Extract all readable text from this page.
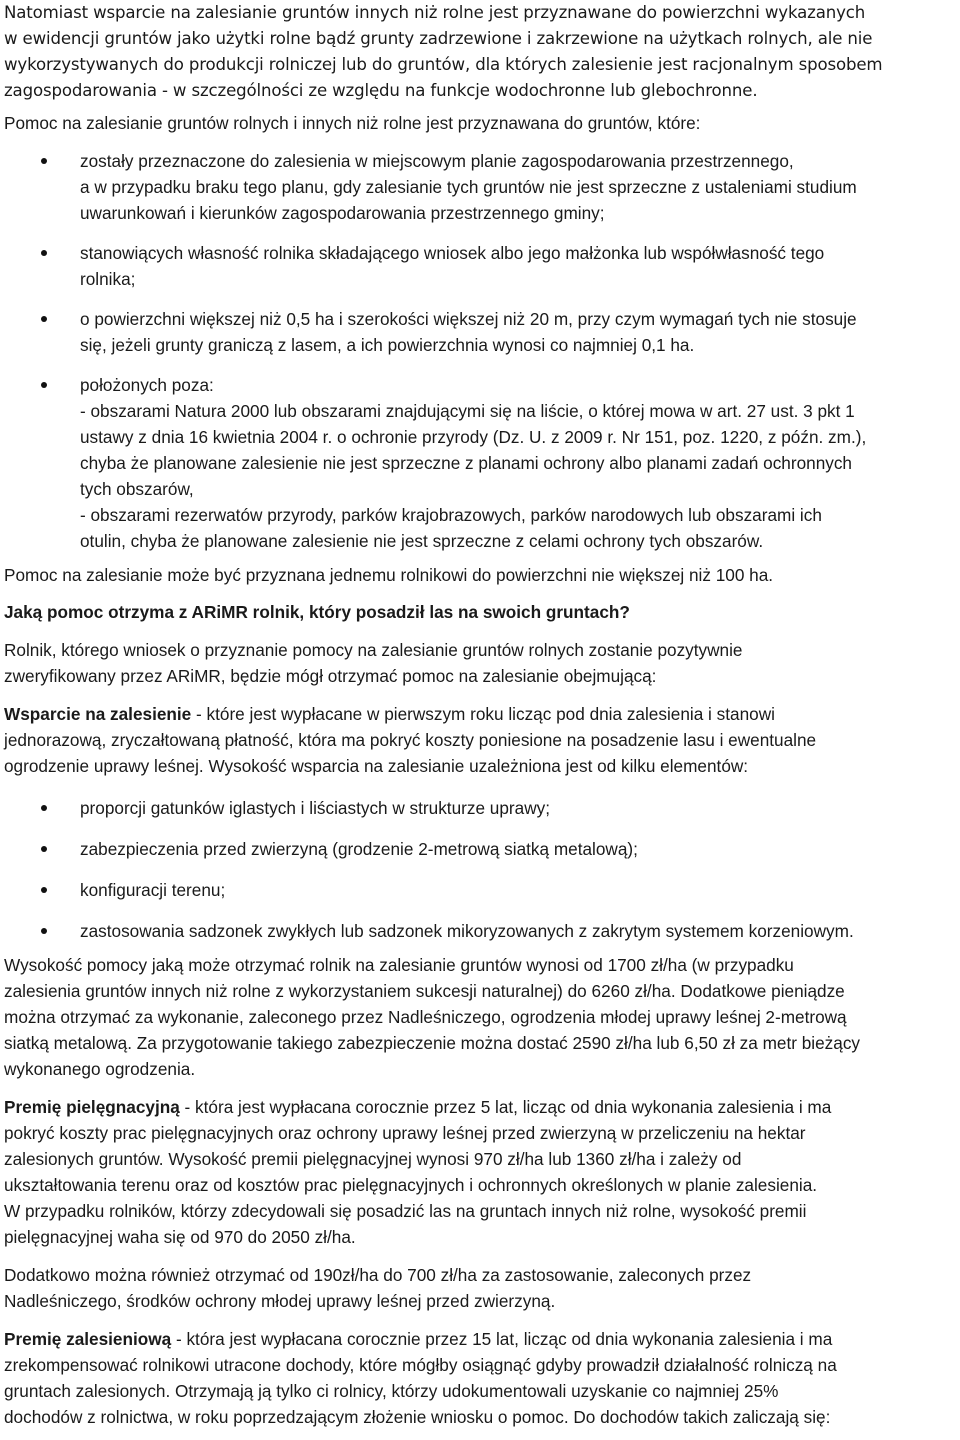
Natomiast wsparcie na zalesianie gruntów innych niż rolne jest przyznawane do powierzchni wykazanych
w ewidencji gruntów jako użytki rolne bądź grunty zadrzewione i zakrzewione na użytkach rolnych, ale nie
wykorzystywanych do produkcji rolniczej lub do gruntów, dla których zalesienie jest racjonalnym sposobem
zagospodarowania - w szczególności ze względu na funkcje wodochronne lub glebochronne.

Pomoc na zalesianie gruntów rolnych i innych niż rolne jest przyznawana do gruntów, które:

zostały przeznaczone do zalesienia w miejscowym planie zagospodarowania przestrzennego,
a w przypadku braku tego planu, gdy zalesianie tych gruntów nie jest sprzeczne z ustaleniami studium
uwarunkowań i kierunków zagospodarowania przestrzennego gminy;
stanowiących własność rolnika składającego wniosek albo jego małżonka lub współwłasność tego
rolnika;
o powierzchni większej niż 0,5 ha i szerokości większej niż 20 m, przy czym wymagań tych nie stosuje
się, jeżeli grunty graniczą z lasem, a ich powierzchnia wynosi co najmniej 0,1 ha.
położonych poza:
- obszarami Natura 2000 lub obszarami znajdującymi się na liście, o której mowa w art. 27 ust. 3 pkt 1
ustawy z dnia 16 kwietnia 2004 r. o ochronie przyrody (Dz. U. z 2009 r. Nr 151, poz. 1220, z późn. zm.),
chyba że planowane zalesienie nie jest sprzeczne z planami ochrony albo planami zadań ochronnych
tych obszarów,
- obszarami rezerwatów przyrody, parków krajobrazowych, parków narodowych lub obszarami ich
otulin, chyba że planowane zalesienie nie jest sprzeczne z celami ochrony tych obszarów.

Pomoc na zalesianie może być przyznana jednemu rolnikowi do powierzchni nie większej niż 100 ha.

Jaką pomoc otrzyma z ARiMR rolnik, który posadził las na swoich gruntach?

Rolnik, którego wniosek o przyznanie pomocy na zalesianie gruntów rolnych zostanie pozytywnie
zweryfikowany przez ARiMR, będzie mógł otrzymać pomoc na zalesianie obejmującą:
Wsparcie na zalesienie - które jest wypłacane w pierwszym roku licząc pod dnia zalesienia i stanowi
jednorazową, zryczałtowaną płatność, która ma pokryć koszty poniesione na posadzenie lasu i ewentualne
ogrodzenie uprawy leśnej. Wysokość wsparcia na zalesianie uzależniona jest od kilku elementów:
proporcji gatunków iglastych i liściastych w strukturze uprawy;
zabezpieczenia przed zwierzyną (grodzenie 2-metrową siatką metalową);
konfiguracji terenu;
zastosowania sadzonek zwykłych lub sadzonek mikoryzowanych z zakrytym systemem korzeniowym.
Wysokość pomocy jaką może otrzymać rolnik na zalesianie gruntów wynosi od 1700 zł/ha (w przypadku
zalesienia gruntów innych niż rolne z wykorzystaniem sukcesji naturalnej) do 6260 zł/ha. Dodatkowe pieniądze
można otrzymać za wykonanie, zaleconego przez Nadleśniczego, ogrodzenia młodej uprawy leśnej 2-metrową
siatką metalową. Za przygotowanie takiego zabezpieczenie można dostać 2590 zł/ha lub 6,50 zł za metr bieżący
wykonanego ogrodzenia.
Premię pielęgnacyjną - która jest wypłacana corocznie przez 5 lat, licząc od dnia wykonania zalesienia i ma
pokryć koszty prac pielęgnacyjnych oraz ochrony uprawy leśnej przed zwierzyną w przeliczeniu na hektar
zalesionych gruntów. Wysokość premii pielęgnacyjnej wynosi 970 zł/ha lub 1360 zł/ha i zależy od
ukształtowania terenu oraz od kosztów prac pielęgnacyjnych i ochronnych określonych w planie zalesienia.
W przypadku rolników, którzy zdecydowali się posadzić las na gruntach innych niż rolne, wysokość premii
pielęgnacyjnej waha się od 970 do 2050 zł/ha.
Dodatkowo można również otrzymać od 190zł/ha do 700 zł/ha za zastosowanie, zaleconych przez
Nadleśniczego, środków ochrony młodej uprawy leśnej przed zwierzyną.
Premię zalesieniową - która jest wypłacana corocznie przez 15 lat, licząc od dnia wykonania zalesienia i ma
zrekompensować rolnikowi utracone dochody, które mógłby osiągnąć gdyby prowadził działalność rolniczą na
gruntach zalesionych. Otrzymają ją tylko ci rolnicy, którzy udokumentowali uzyskanie co najmniej 25%
dochodów z rolnictwa, w roku poprzedzającym złożenie wniosku o pomoc. Do dochodów takich zaliczają się:
